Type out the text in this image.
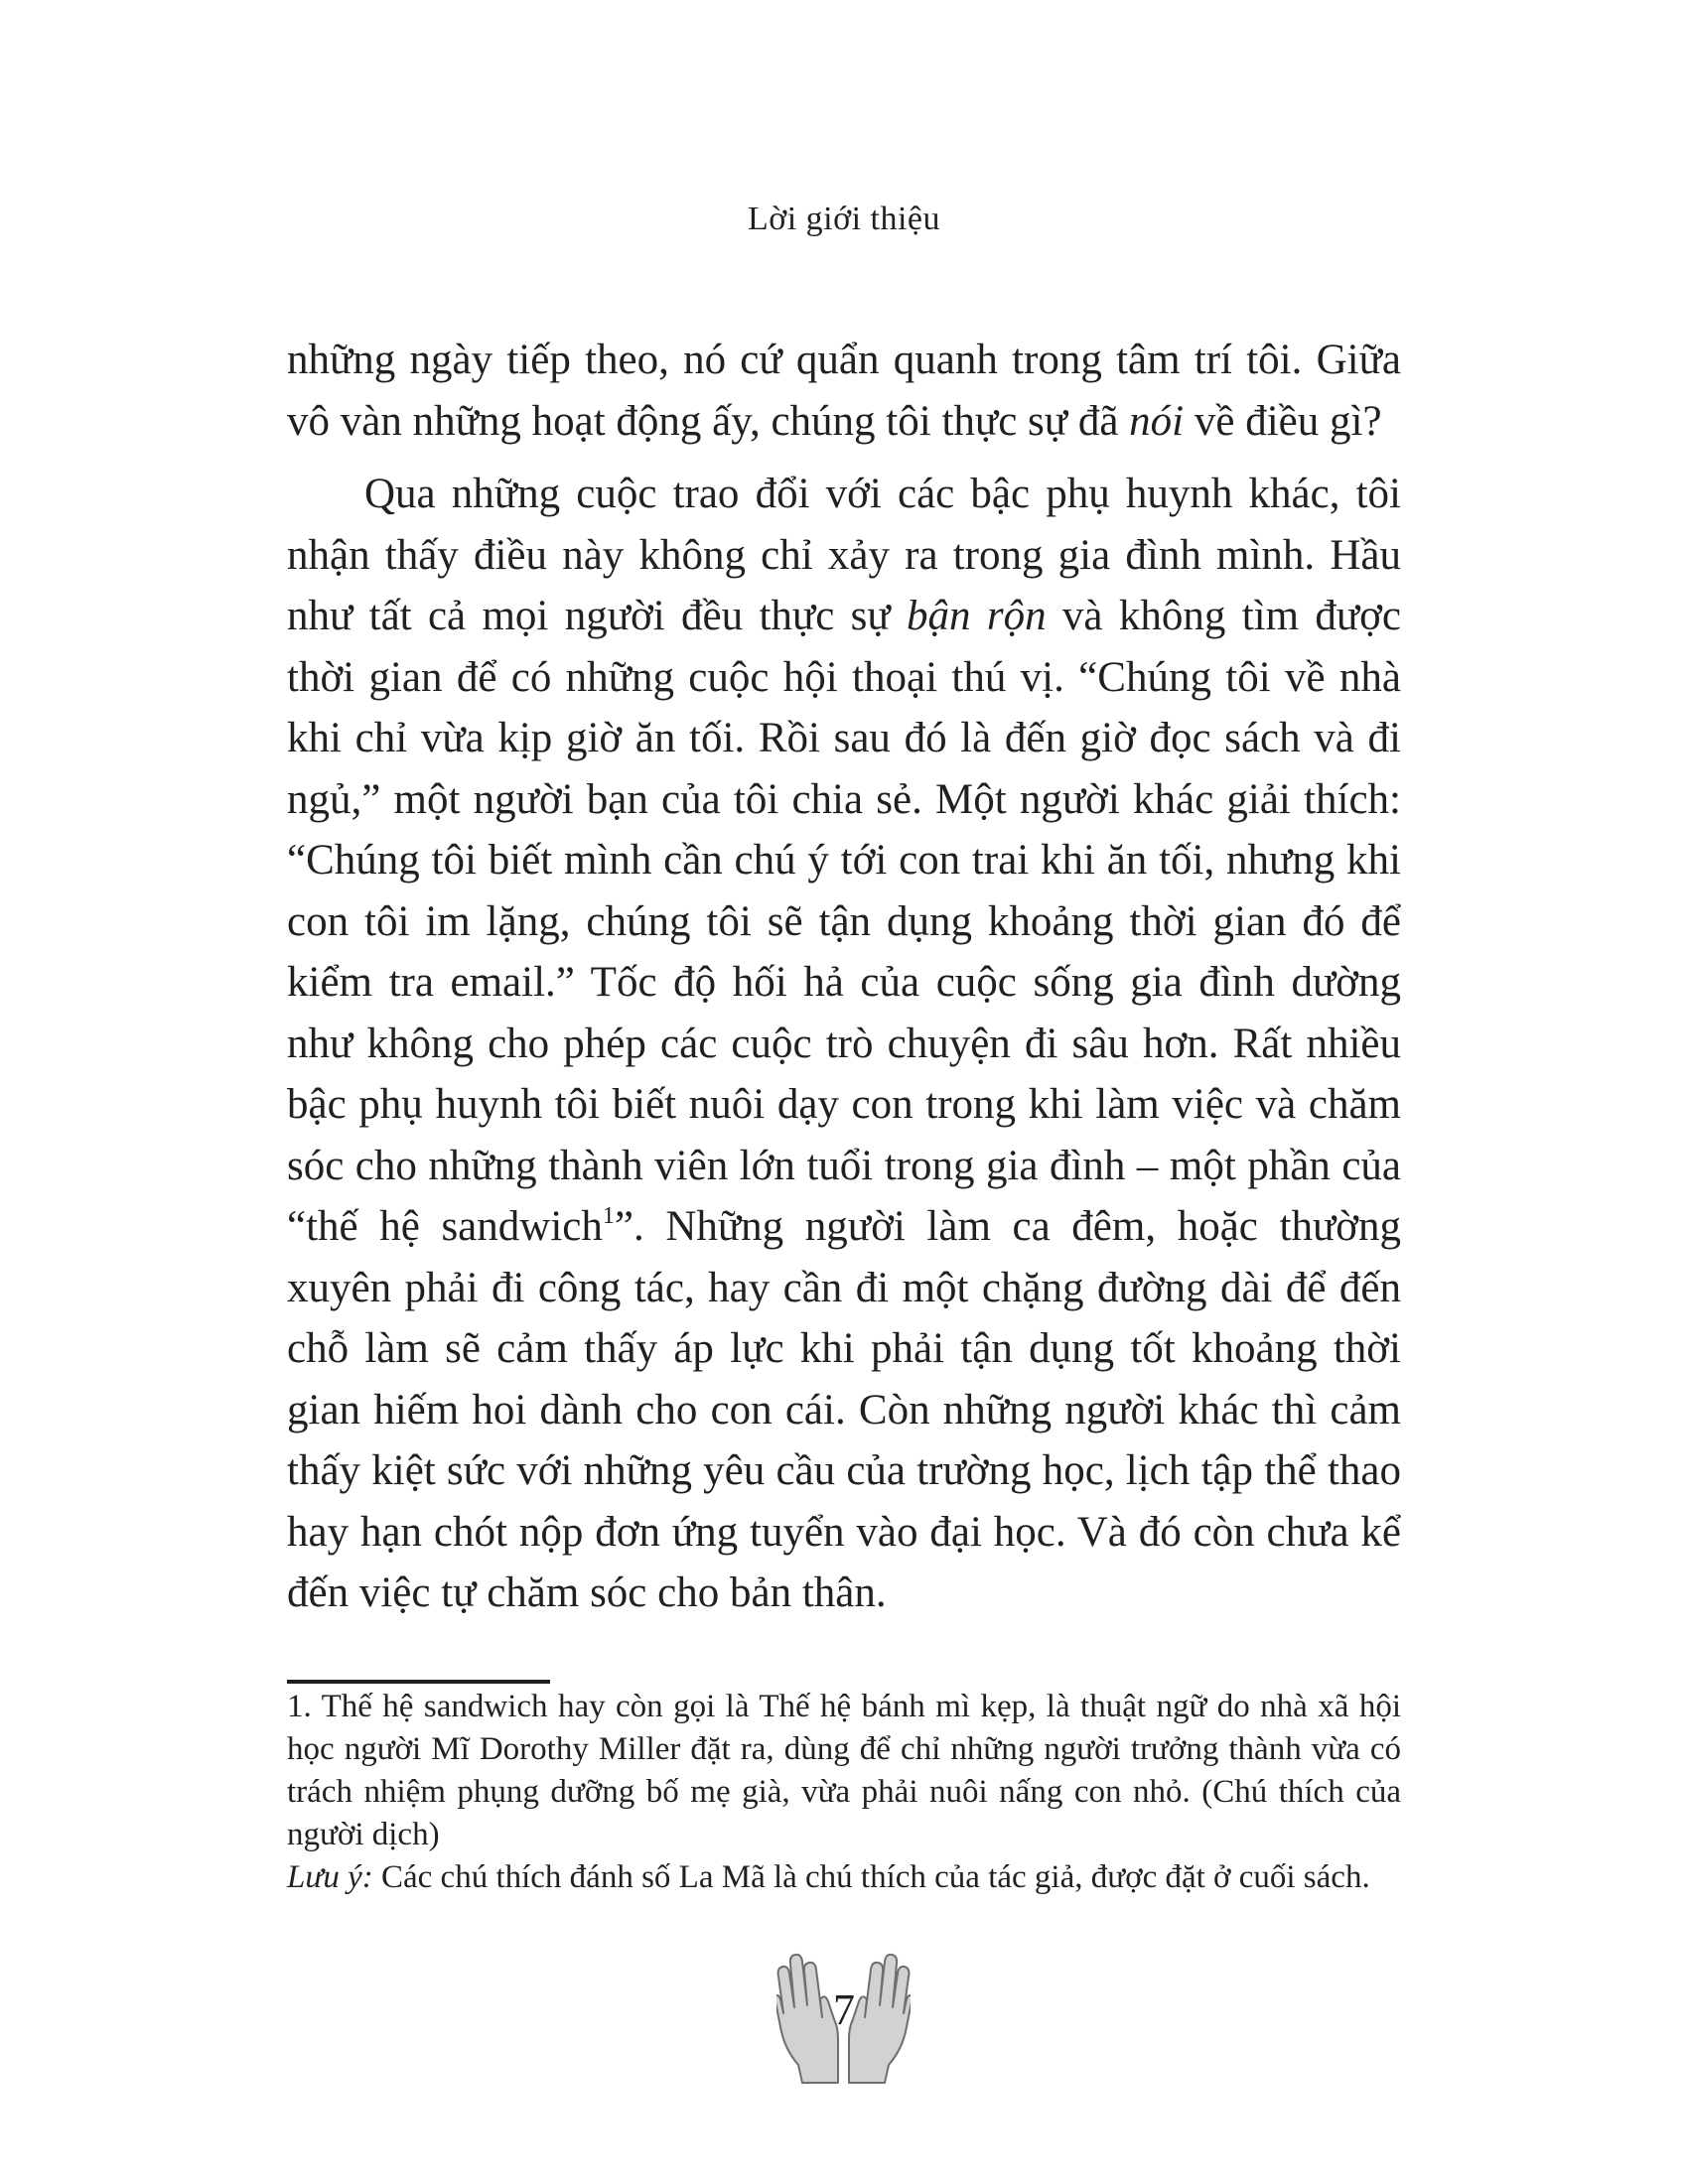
Lời giới thiệu

những ngày tiếp theo, nó cứ quẩn quanh trong tâm trí tôi. Giữa vô vàn những hoạt động ấy, chúng tôi thực sự đã nói về điều gì?

Qua những cuộc trao đổi với các bậc phụ huynh khác, tôi nhận thấy điều này không chỉ xảy ra trong gia đình mình. Hầu như tất cả mọi người đều thực sự bận rộn và không tìm được thời gian để có những cuộc hội thoại thú vị. “Chúng tôi về nhà khi chỉ vừa kịp giờ ăn tối. Rồi sau đó là đến giờ đọc sách và đi ngủ,” một người bạn của tôi chia sẻ. Một người khác giải thích: “Chúng tôi biết mình cần chú ý tới con trai khi ăn tối, nhưng khi con tôi im lặng, chúng tôi sẽ tận dụng khoảng thời gian đó để kiểm tra email.” Tốc độ hối hả của cuộc sống gia đình dường như không cho phép các cuộc trò chuyện đi sâu hơn. Rất nhiều bậc phụ huynh tôi biết nuôi dạy con trong khi làm việc và chăm sóc cho những thành viên lớn tuổi trong gia đình – một phần của “thế hệ sandwich$^1$”. Những người làm ca đêm, hoặc thường xuyên phải đi công tác, hay cần đi một chặng đường dài để đến chỗ làm sẽ cảm thấy áp lực khi phải tận dụng tốt khoảng thời gian hiếm hoi dành cho con cái. Còn những người khác thì cảm thấy kiệt sức với những yêu cầu của trường học, lịch tập thể thao hay hạn chót nộp đơn ứng tuyển vào đại học. Và đó còn chưa kể đến việc tự chăm sóc cho bản thân.

1. Thế hệ sandwich hay còn gọi là Thế hệ bánh mì kẹp, là thuật ngữ do nhà xã hội học người Mĩ Dorothy Miller đặt ra, dùng để chỉ những người trưởng thành vừa có trách nhiệm phụng dưỡng bố mẹ già, vừa phải nuôi nấng con nhỏ. (Chú thích của người dịch)

Lưu ý: Các chú thích đánh số La Mã là chú thích của tác giả, được đặt ở cuối sách.

7
